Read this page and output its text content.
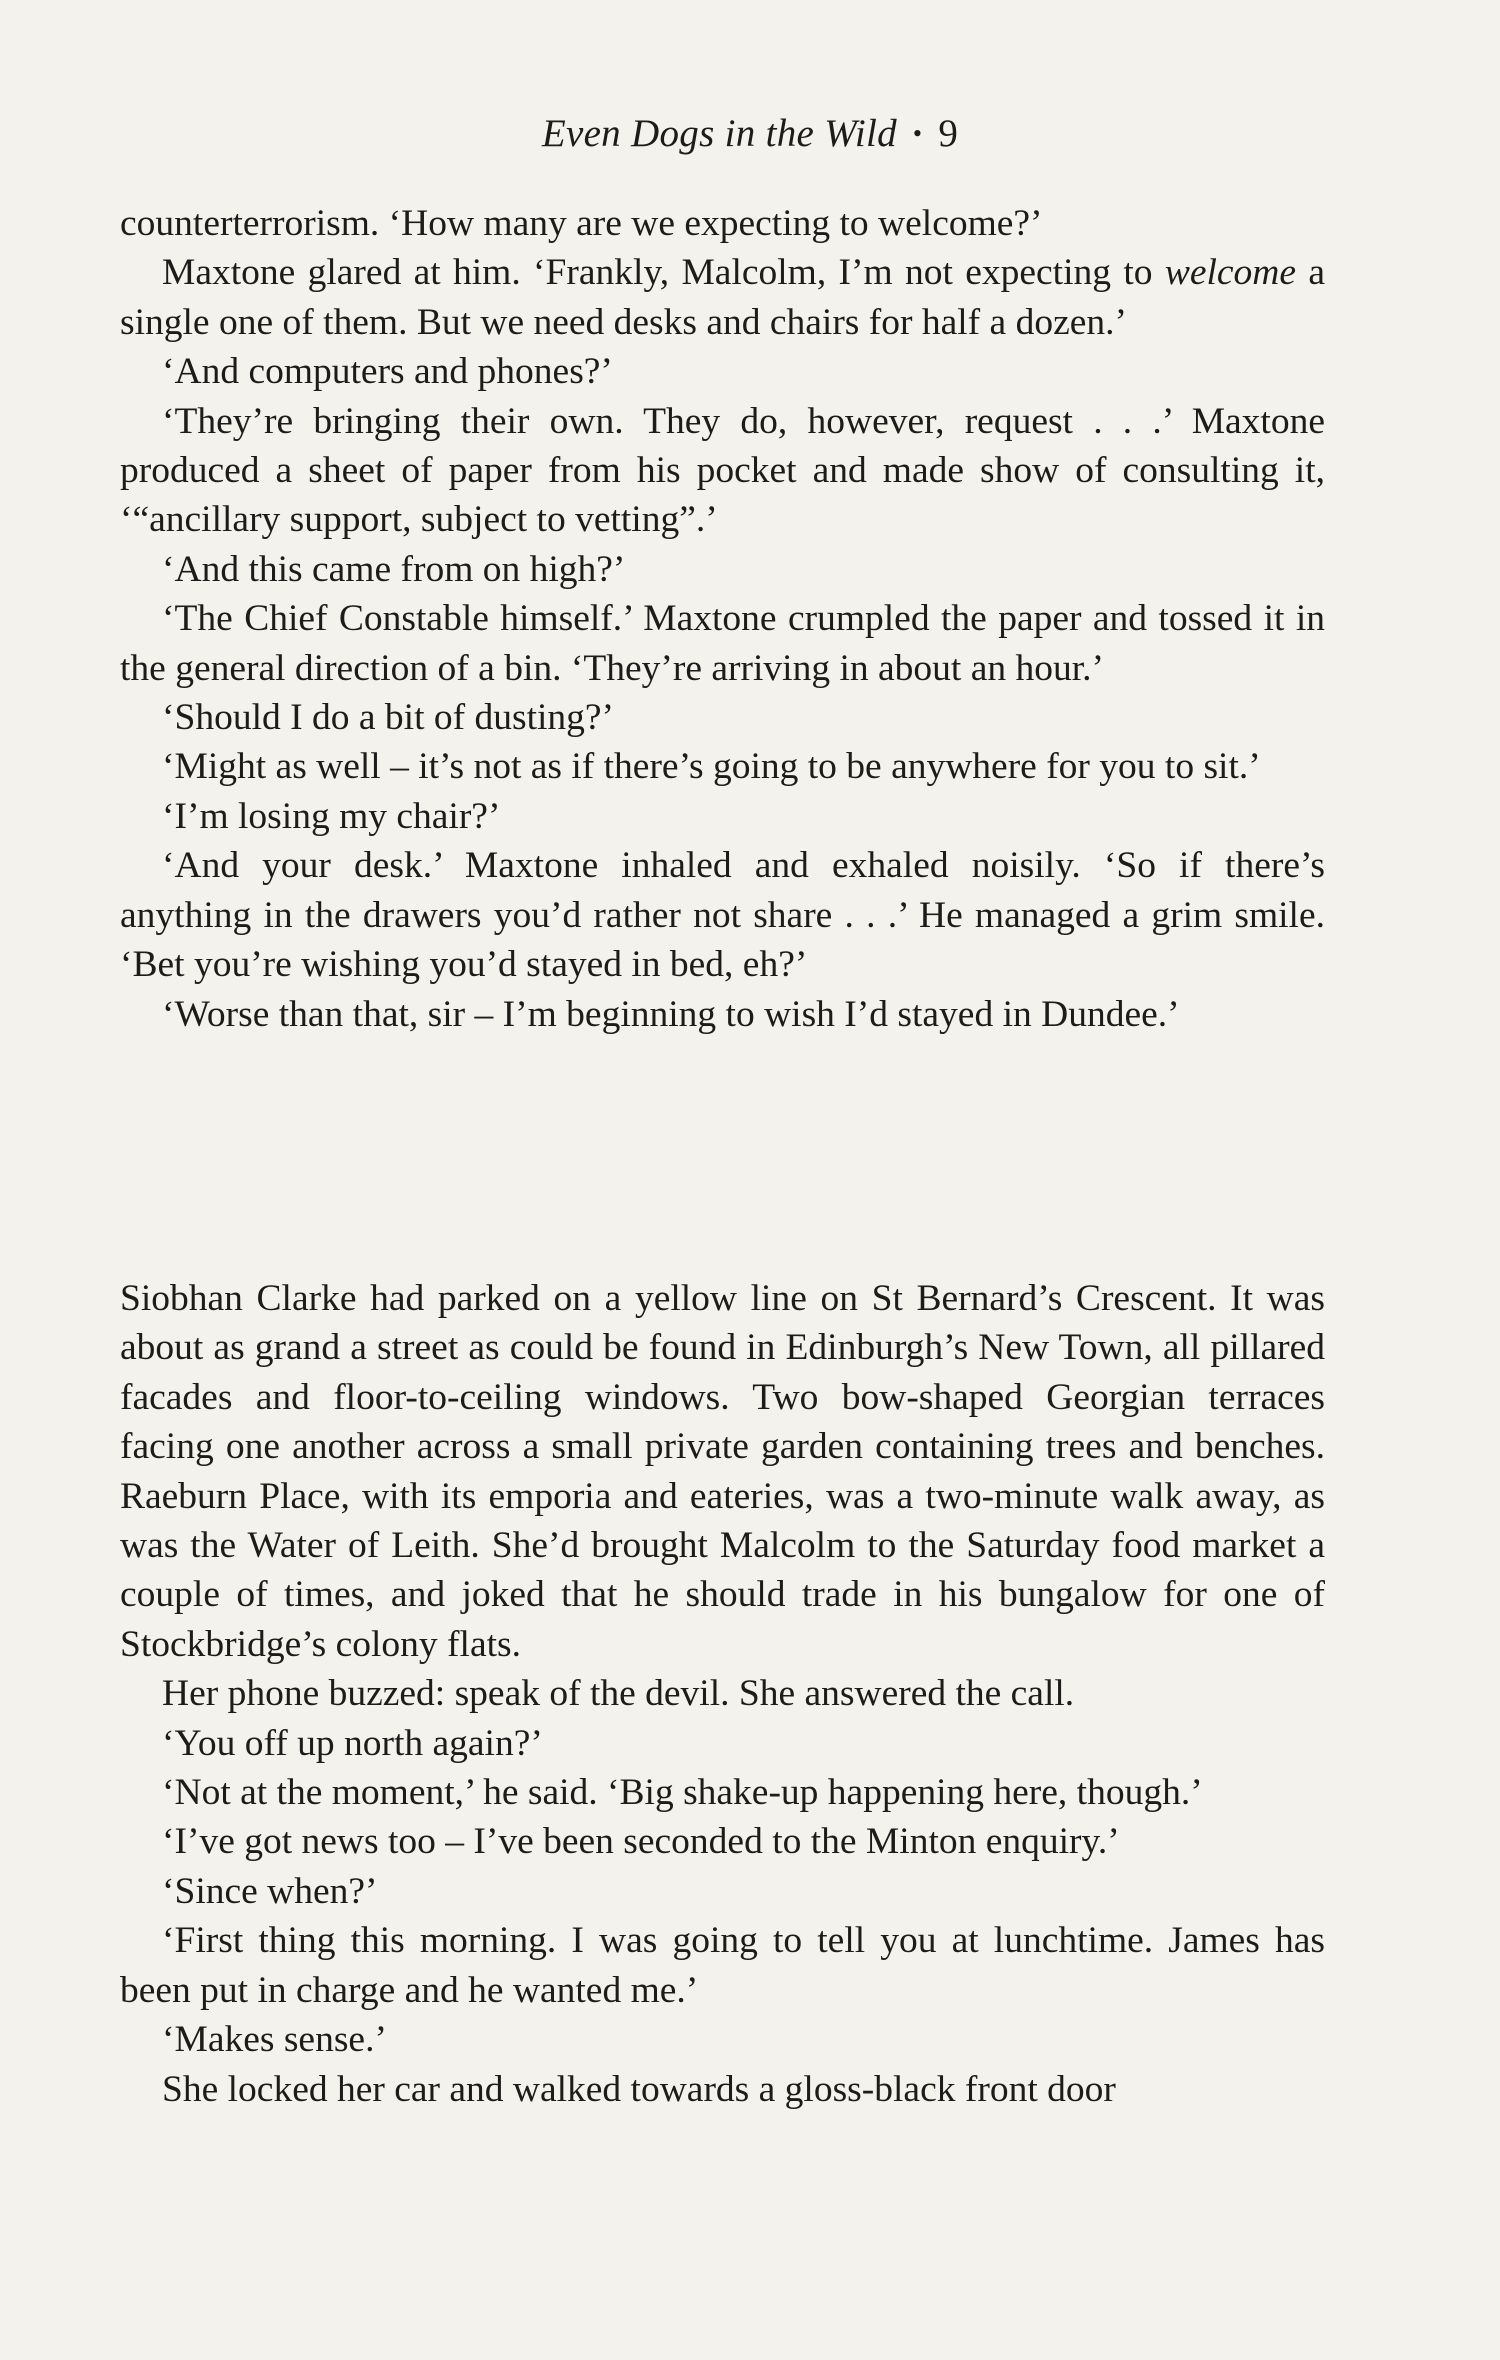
Even Dogs in the Wild • 9

counterterrorism. ‘How many are we expecting to welcome?’

Maxtone glared at him. ‘Frankly, Malcolm, I’m not expecting to welcome a single one of them. But we need desks and chairs for half a dozen.’

‘And computers and phones?’

‘They’re bringing their own. They do, however, request . . .’ Maxtone produced a sheet of paper from his pocket and made show of consulting it, ‘“ancillary support, subject to vetting”.’

‘And this came from on high?’

‘The Chief Constable himself.’ Maxtone crumpled the paper and tossed it in the general direction of a bin. ‘They’re arriving in about an hour.’

‘Should I do a bit of dusting?’

‘Might as well – it’s not as if there’s going to be anywhere for you to sit.’

‘I’m losing my chair?’

‘And your desk.’ Maxtone inhaled and exhaled noisily. ‘So if there’s anything in the drawers you’d rather not share . . .’ He managed a grim smile. ‘Bet you’re wishing you’d stayed in bed, eh?’

‘Worse than that, sir – I’m beginning to wish I’d stayed in Dundee.’

Siobhan Clarke had parked on a yellow line on St Bernard’s Crescent. It was about as grand a street as could be found in Edinburgh’s New Town, all pillared facades and floor-to-ceiling windows. Two bow-shaped Georgian terraces facing one another across a small private garden containing trees and benches. Raeburn Place, with its emporia and eateries, was a two-minute walk away, as was the Water of Leith. She’d brought Malcolm to the Saturday food market a couple of times, and joked that he should trade in his bungalow for one of Stockbridge’s colony flats.

Her phone buzzed: speak of the devil. She answered the call.

‘You off up north again?’

‘Not at the moment,’ he said. ‘Big shake-up happening here, though.’

‘I’ve got news too – I’ve been seconded to the Minton enquiry.’

‘Since when?’

‘First thing this morning. I was going to tell you at lunchtime. James has been put in charge and he wanted me.’

‘Makes sense.’

She locked her car and walked towards a gloss-black front door
